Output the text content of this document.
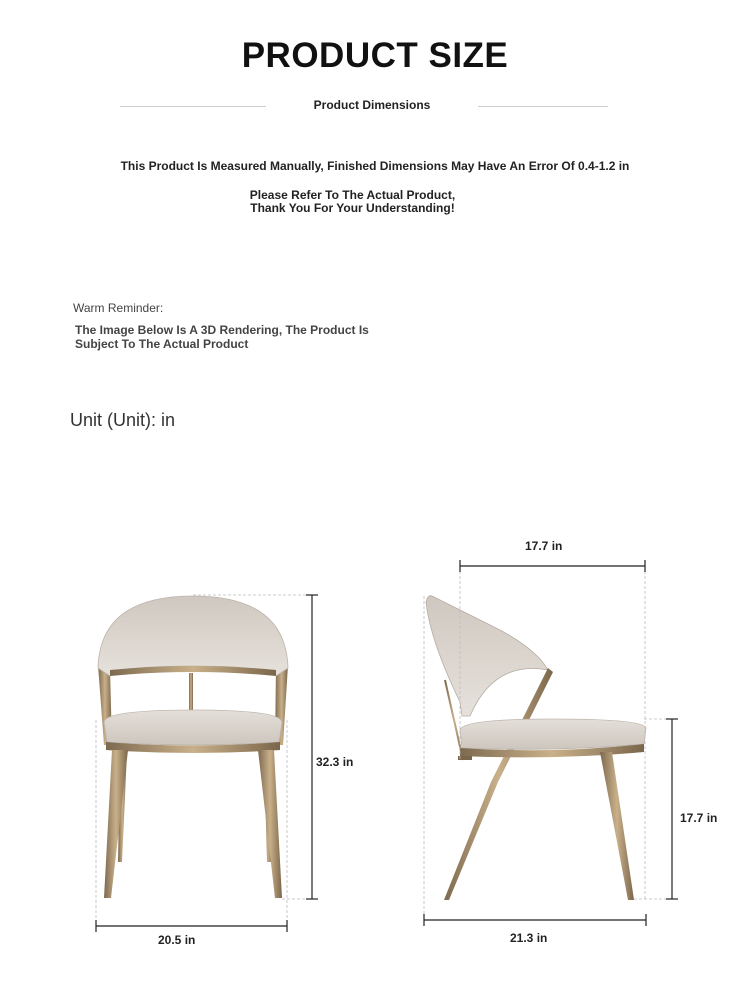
PRODUCT SIZE
Product Dimensions
This Product Is Measured Manually, Finished Dimensions May Have An Error Of 0.4-1.2 in
Please Refer To The Actual Product,
Thank You For Your Understanding!
Warm Reminder:
The Image Below Is A 3D Rendering, The Product Is
Subject To The Actual Product
Unit (Unit): in
32.3 in
20.5 in
17.7 in
17.7 in
21.3 in
